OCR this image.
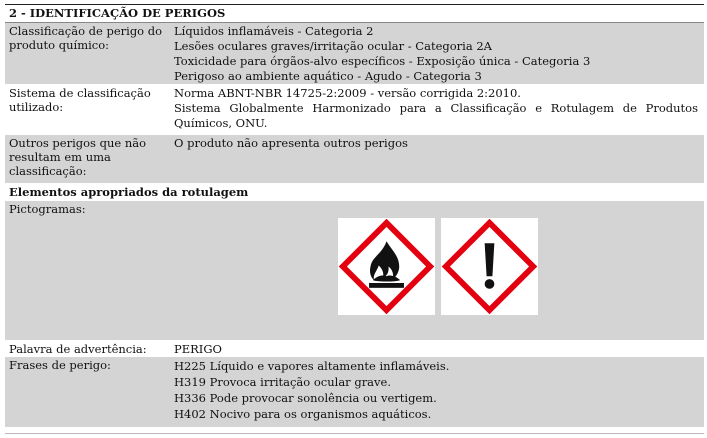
2 - IDENTIFICAÇÃO DE PERIGOS
Classificação de perigo do produto químico:
Líquidos inflamáveis - Categoria 2
Lesões oculares graves/irritação ocular - Categoria 2A
Toxicidade para órgãos-alvo específicos - Exposição única - Categoria 3
Perigoso ao ambiente aquático - Agudo - Categoria 3
Sistema de classificação utilizado:
Norma ABNT-NBR 14725-2:2009 - versão corrigida 2:2010.
Sistema Globalmente Harmonizado para a Classificação e Rotulagem de Produtos Químicos, ONU.
Outros perigos que não resultam em uma classificação:
O produto não apresenta outros perigos
Elementos apropriados da rotulagem
Pictogramas:
Palavra de advertência:	PERIGO
Frases de perigo:	H225 Líquido e vapores altamente inflamáveis.
H319 Provoca irritação ocular grave.
H336 Pode provocar sonolência ou vertigem.
H402 Nocivo para os organismos aquáticos.
